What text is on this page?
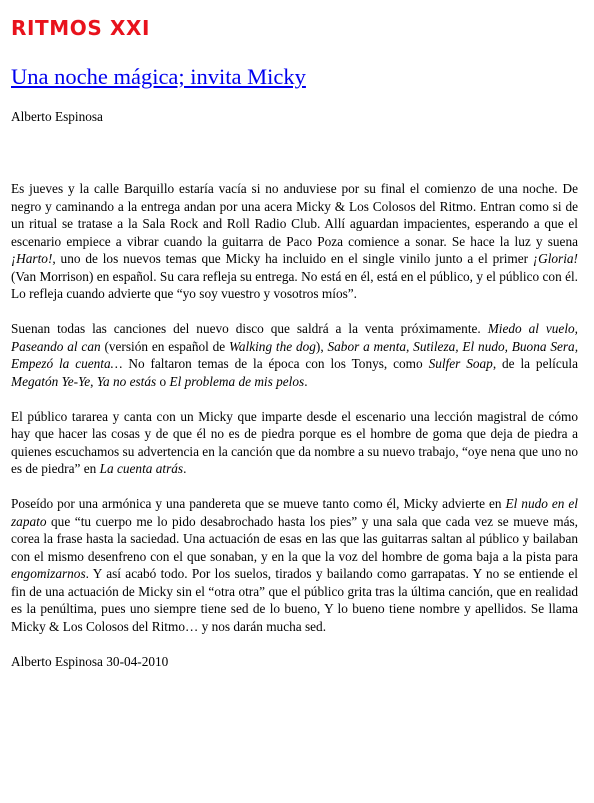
RITMOS XXI
Una noche mágica; invita Micky

Alberto Espinosa

Es jueves y la calle Barquillo estaría vacía si no anduviese por su final el comienzo de una noche. De negro y caminando a la entrega andan por una acera Micky & Los Colosos del Ritmo. Entran como si de un ritual se tratase a la Sala Rock and Roll Radio Club. Allí aguardan impacientes, esperando a que el escenario empiece a vibrar cuando la guitarra de Paco Poza comience a sonar. Se hace la luz y suena ¡Harto!, uno de los nuevos temas que Micky ha incluido en el single vinilo junto a el primer ¡Gloria! (Van Morrison) en español. Su cara refleja su entrega. No está en él, está en el público, y el público con él. Lo refleja cuando advierte que “yo soy vuestro y vosotros míos”.

Suenan todas las canciones del nuevo disco que saldrá a la venta próximamente. Miedo al vuelo, Paseando al can (versión en español de Walking the dog), Sabor a menta, Sutileza, El nudo, Buona Sera, Empezó la cuenta… No faltaron temas de la época con los Tonys, como Sulfer Soap, de la película Megatón Ye-Ye, Ya no estás o El problema de mis pelos.

El público tararea y canta con un Micky que imparte desde el escenario una lección magistral de cómo hay que hacer las cosas y de que él no es de piedra porque es el hombre de goma que deja de piedra a quienes escuchamos su advertencia en la canción que da nombre a su nuevo trabajo, “oye nena que uno no es de piedra” en La cuenta atrás.

Poseído por una armónica y una pandereta que se mueve tanto como él, Micky advierte en El nudo en el zapato que “tu cuerpo me lo pido desabrochado hasta los pies” y una sala que cada vez se mueve más, corea la frase hasta la saciedad. Una actuación de esas en las que las guitarras saltan al público y bailaban con el mismo desenfreno con el que sonaban, y en la que la voz del hombre de goma baja a la pista para engomizarnos. Y así acabó todo. Por los suelos, tirados y bailando como garrapatas. Y no se entiende el fin de una actuación de Micky sin el “otra otra” que el público grita tras la última canción, que en realidad es la penúltima, pues uno siempre tiene sed de lo bueno, Y lo bueno tiene nombre y apellidos. Se llama Micky & Los Colosos del Ritmo… y nos darán mucha sed.

Alberto Espinosa 30-04-2010
